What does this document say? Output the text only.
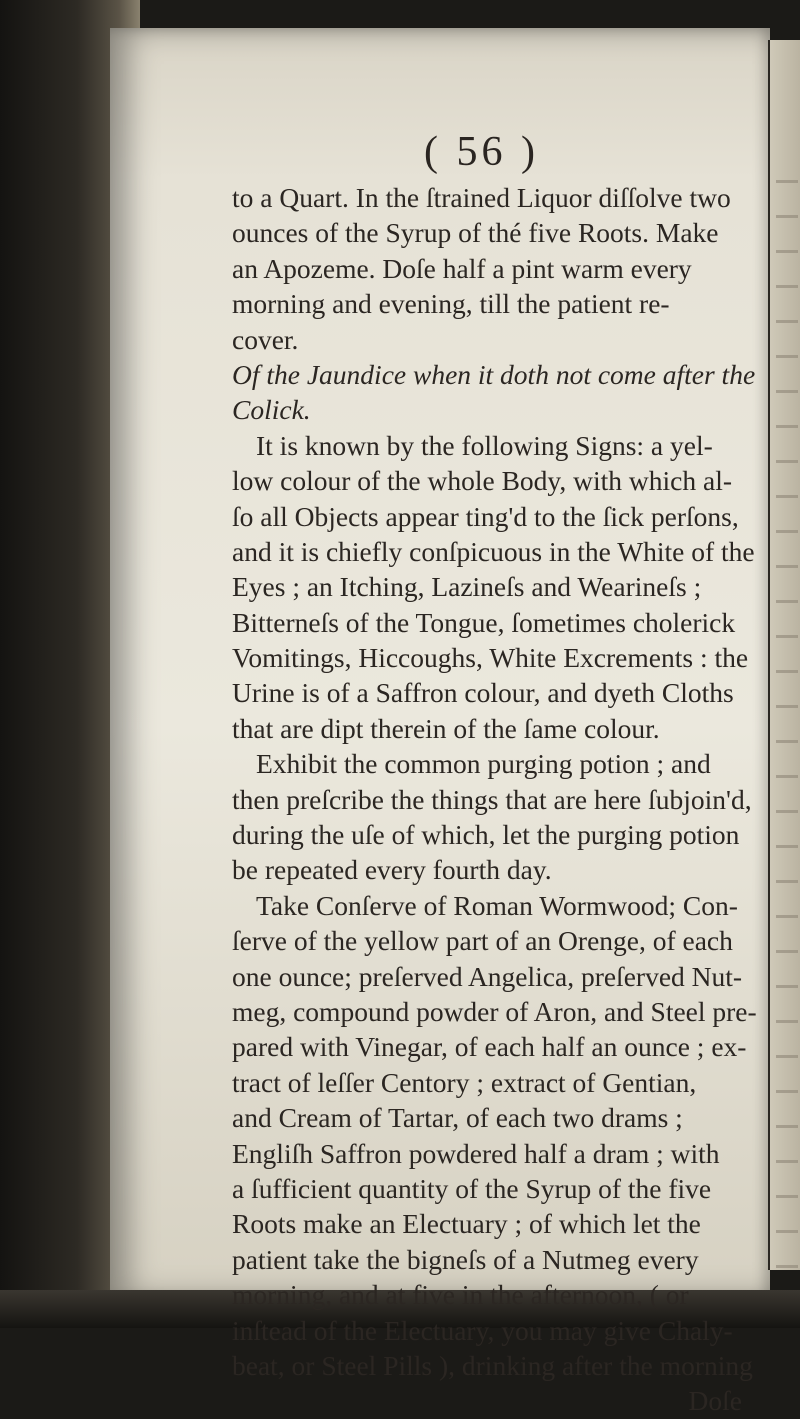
( 56 )
to a Quart. In the ſtrained Liquor diſſolve two
ounces of the Syrup of thé five Roots. Make
an Apozeme. Doſe half a pint warm every
morning and evening, till the patient re-
cover.
Of the Jaundice when it doth not come after the
Colick.
It is known by the following Signs: a yel-
low colour of the whole Body, with which al-
ſo all Objects appear ting'd to the ſick perſons,
and it is chiefly conſpicuous in the White of the
Eyes ; an Itching, Lazineſs and Wearineſs ;
Bitterneſs of the Tongue, ſometimes cholerick
Vomitings, Hiccoughs, White Excrements : the
Urine is of a Saffron colour, and dyeth Cloths
that are dipt therein of the ſame colour.
Exhibit the common purging potion ; and
then preſcribe the things that are here ſubjoin'd,
during the uſe of which, let the purging potion
be repeated every fourth day.
Take Conſerve of Roman Wormwood; Con-
ſerve of the yellow part of an Orenge, of each
one ounce; preſerved Angelica, preſerved Nut-
meg, compound powder of Aron, and Steel pre-
pared with Vinegar, of each half an ounce ; ex-
tract of leſſer Centory ; extract of Gentian,
and Cream of Tartar, of each two drams ;
Engliſh Saffron powdered half a dram ; with
a ſufficient quantity of the Syrup of the five
Roots make an Electuary ; of which let the
patient take the bigneſs of a Nutmeg every
morning, and at five in the afternoon, ( or
inſtead of the Electuary, you may give Chaly-
beat, or Steel Pills ), drinking after the morning
Doſe
